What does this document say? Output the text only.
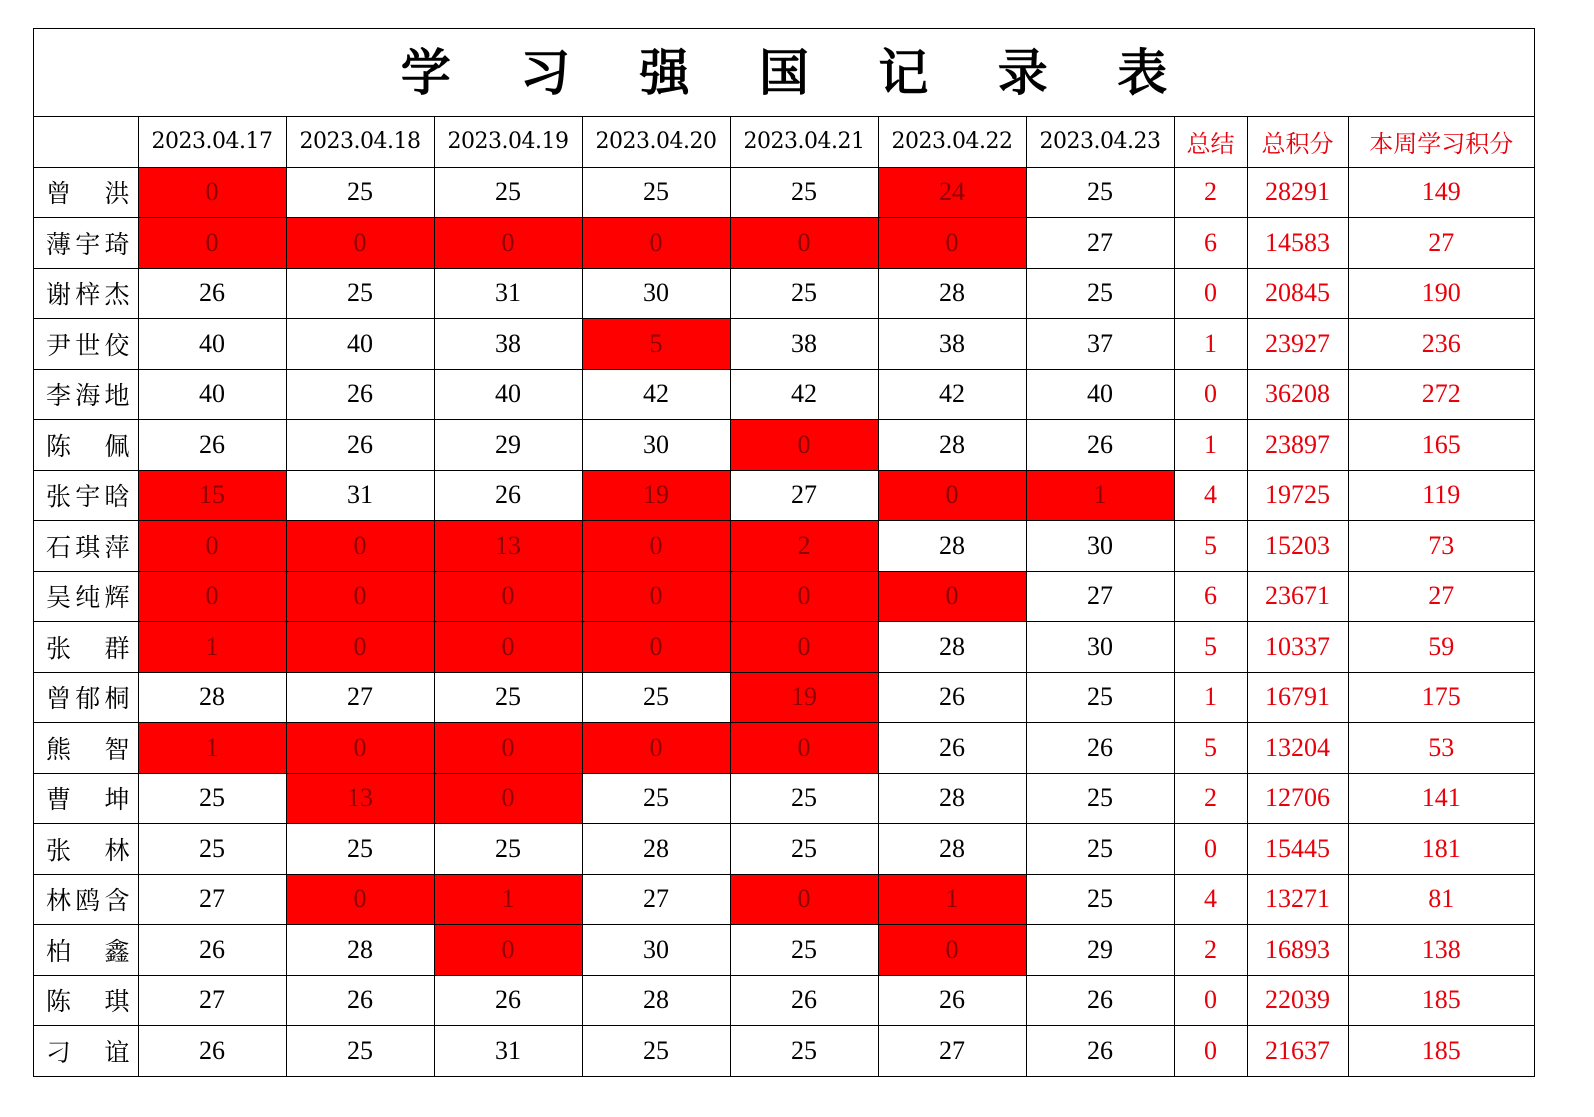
学 习 强 国 记 录 表
	2023.04.17	2023.04.18	2023.04.19	2023.04.20	2023.04.21	2023.04.22	2023.04.23	总结	总积分	本周学习积分
曾 洪	0	25	25	25	25	24	25	2	28291	149
薄宇琦	0	0	0	0	0	0	27	6	14583	27
谢梓杰	26	25	31	30	25	28	25	0	20845	190
尹世佼	40	40	38	5	38	38	37	1	23927	236
李海地	40	26	40	42	42	42	40	0	36208	272
陈 佩	26	26	29	30	0	28	26	1	23897	165
张宇晗	15	31	26	19	27	0	1	4	19725	119
石琪萍	0	0	13	0	2	28	30	5	15203	73
吴纯辉	0	0	0	0	0	0	27	6	23671	27
张 群	1	0	0	0	0	28	30	5	10337	59
曾郁桐	28	27	25	25	19	26	25	1	16791	175
熊 智	1	0	0	0	0	26	26	5	13204	53
曹 坤	25	13	0	25	25	28	25	2	12706	141
张 林	25	25	25	28	25	28	25	0	15445	181
林鸥含	27	0	1	27	0	1	25	4	13271	81
柏 鑫	26	28	0	30	25	0	29	2	16893	138
陈 琪	27	26	26	28	26	26	26	0	22039	185
刁 谊	26	25	31	25	25	27	26	0	21637	185
